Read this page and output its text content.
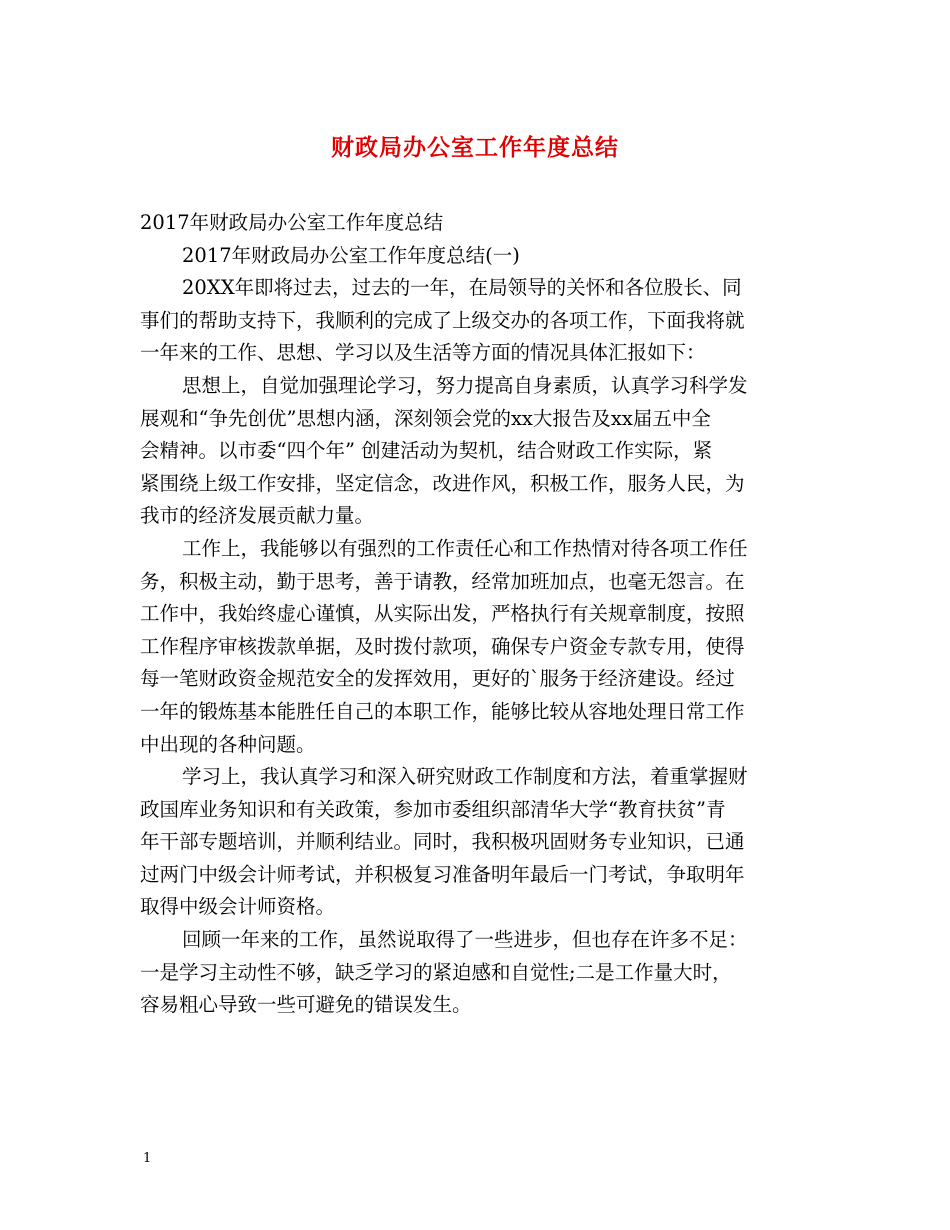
财政局办公室工作年度总结
2017年财政局办公室工作年度总结
2017年财政局办公室工作年度总结(一)
20XX年即将过去，过去的一年，在局领导的关怀和各位股长、同
事们的帮助支持下，我顺利的完成了上级交办的各项工作，下面我将就
一年来的工作、思想、学习以及生活等方面的情况具体汇报如下：
思想上，自觉加强理论学习，努力提高自身素质，认真学习科学发
展观和“争先创优”思想内涵，深刻领会党的xx大报告及xx届五中全
会精神。以市委“四个年” 创建活动为契机，结合财政工作实际，紧
紧围绕上级工作安排，坚定信念，改进作风，积极工作，服务人民，为
我市的经济发展贡献力量。
工作上，我能够以有强烈的工作责任心和工作热情对待各项工作任
务，积极主动，勤于思考，善于请教，经常加班加点，也毫无怨言。在
工作中，我始终虚心谨慎，从实际出发，严格执行有关规章制度，按照
工作程序审核拨款单据，及时拨付款项，确保专户资金专款专用，使得
每一笔财政资金规范安全的发挥效用，更好的`服务于经济建设。经过
一年的锻炼基本能胜任自己的本职工作，能够比较从容地处理日常工作
中出现的各种问题。
学习上，我认真学习和深入研究财政工作制度和方法，着重掌握财
政国库业务知识和有关政策，参加市委组织部清华大学“教育扶贫”青
年干部专题培训，并顺利结业。同时，我积极巩固财务专业知识，已通
过两门中级会计师考试，并积极复习准备明年最后一门考试，争取明年
取得中级会计师资格。
回顾一年来的工作，虽然说取得了一些进步，但也存在许多不足：
一是学习主动性不够，缺乏学习的紧迫感和自觉性;二是工作量大时，
容易粗心导致一些可避免的错误发生。
1
